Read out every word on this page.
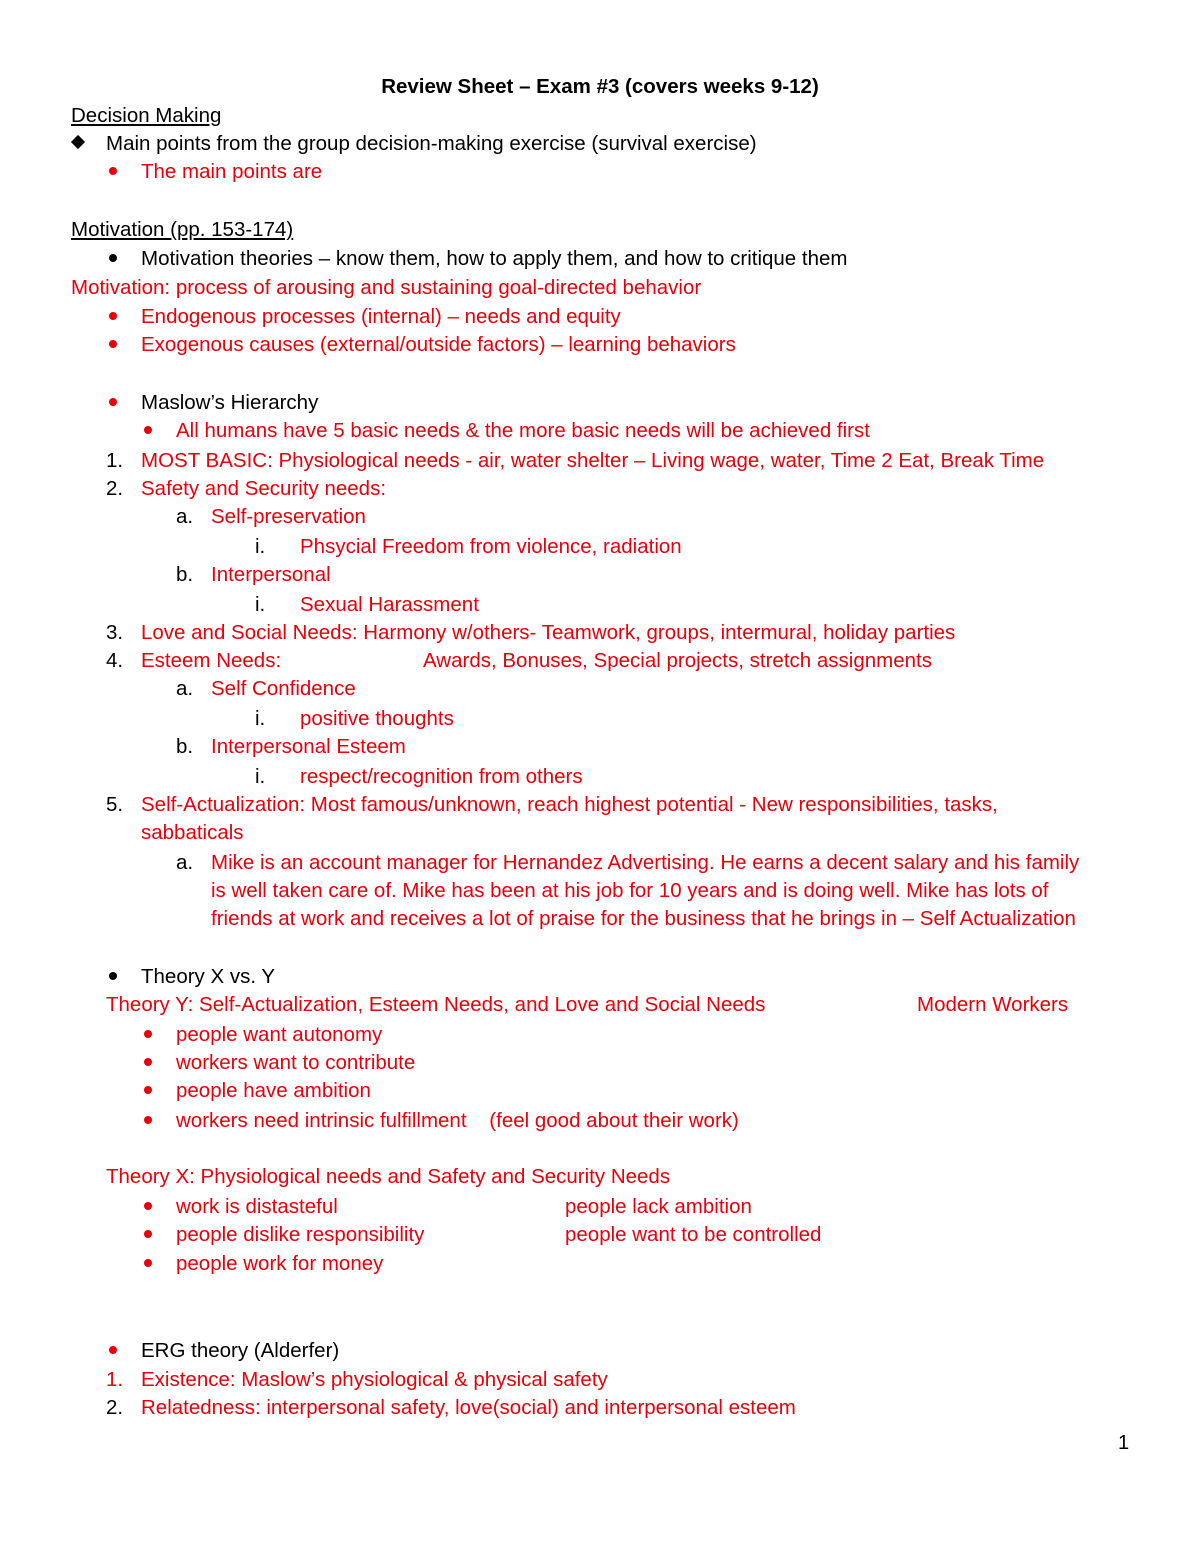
Review Sheet – Exam #3 (covers weeks 9-12)
Decision Making
Main points from the group decision-making exercise (survival exercise)
The main points are
Motivation (pp. 153-174)
Motivation theories – know them, how to apply them, and how to critique them
Motivation: process of arousing and sustaining goal-directed behavior
Endogenous processes (internal) – needs and equity
Exogenous causes (external/outside factors) – learning behaviors
Maslow’s Hierarchy
All humans have 5 basic needs & the more basic needs will be achieved first
1. MOST BASIC: Physiological needs - air, water shelter – Living wage, water, Time 2 Eat, Break Time
2. Safety and Security needs:
a. Self-preservation
i. Phsycial Freedom from violence, radiation
b. Interpersonal
i. Sexual Harassment
3. Love and Social Needs: Harmony w/others- Teamwork, groups, intermural, holiday parties
4. Esteem Needs:	Awards, Bonuses, Special projects, stretch assignments
a. Self Confidence
i. positive thoughts
b. Interpersonal Esteem
i. respect/recognition from others
5. Self-Actualization: Most famous/unknown, reach highest potential - New responsibilities, tasks,
sabbaticals
a. Mike is an account manager for Hernandez Advertising. He earns a decent salary and his family
is well taken care of. Mike has been at his job for 10 years and is doing well. Mike has lots of
friends at work and receives a lot of praise for the business that he brings in – Self Actualization
Theory X vs. Y
Theory Y: Self-Actualization, Esteem Needs, and Love and Social Needs	Modern Workers
people want autonomy
workers want to contribute
people have ambition
workers need intrinsic fulfillment    (feel good about their work)
Theory X: Physiological needs and Safety and Security Needs
work is distasteful	people lack ambition
people dislike responsibility	people want to be controlled
people work for money
ERG theory (Alderfer)
1. Existence: Maslow’s physiological & physical safety
2. Relatedness: interpersonal safety, love(social) and interpersonal esteem
1
